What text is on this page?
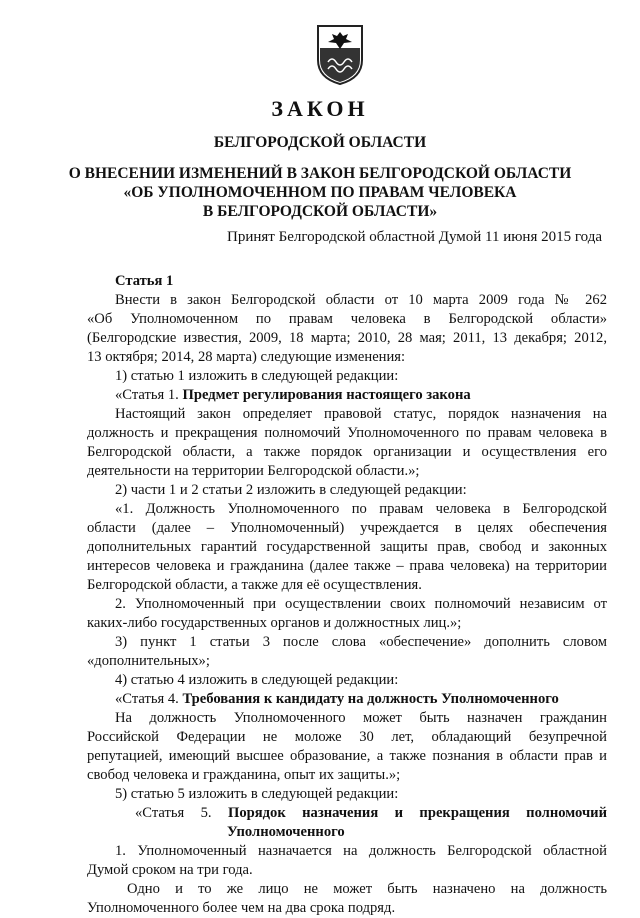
ЗАКОН
БЕЛГОРОДСКОЙ ОБЛАСТИ
О ВНЕСЕНИИ ИЗМЕНЕНИЙ В ЗАКОН БЕЛГОРОДСКОЙ ОБЛАСТИ
«ОБ УПОЛНОМОЧЕННОМ ПО ПРАВАМ ЧЕЛОВЕКА
В БЕЛГОРОДСКОЙ ОБЛАСТИ»
Принят Белгородской областной Думой 11 июня 2015 года
Статья 1
Внести в закон Белгородской области от 10 марта 2009 года № 262
«Об Уполномоченном по правам человека в Белгородской области»
(Белгородские известия, 2009, 18 марта; 2010, 28 мая; 2011, 13 декабря; 2012,
13 октября; 2014, 28 марта) следующие изменения:
1) статью 1 изложить в следующей редакции:
«Статья 1. Предмет регулирования настоящего закона
Настоящий закон определяет правовой статус, порядок назначения на
должность и прекращения полномочий Уполномоченного по правам человека в
Белгородской области, а также порядок организации и осуществления его
деятельности на территории Белгородской области.»;
2) части 1 и 2 статьи 2 изложить в следующей редакции:
«1. Должность Уполномоченного по правам человека в Белгородской
области (далее – Уполномоченный) учреждается в целях обеспечения
дополнительных гарантий государственной защиты прав, свобод и законных
интересов человека и гражданина (далее также – права человека) на территории
Белгородской области, а также для её осуществления.
2. Уполномоченный при осуществлении своих полномочий независим от
каких-либо государственных органов и должностных лиц.»;
3) пункт 1 статьи 3 после слова «обеспечение» дополнить словом
«дополнительных»;
4) статью 4 изложить в следующей редакции:
«Статья 4. Требования к кандидату на должность Уполномоченного
На должность Уполномоченного может быть назначен гражданин
Российской Федерации не моложе 30 лет, обладающий безупречной
репутацией, имеющий высшее образование, а также познания в области прав и
свобод человека и гражданина, опыт их защиты.»;
5) статью 5 изложить в следующей редакции:
«Статья 5. Порядок назначения и прекращения полномочий
Уполномоченного
1. Уполномоченный назначается на должность Белгородской областной
Думой сроком на три года.
Одно и то же лицо не может быть назначено на должность
Уполномоченного более чем на два срока подряд.
